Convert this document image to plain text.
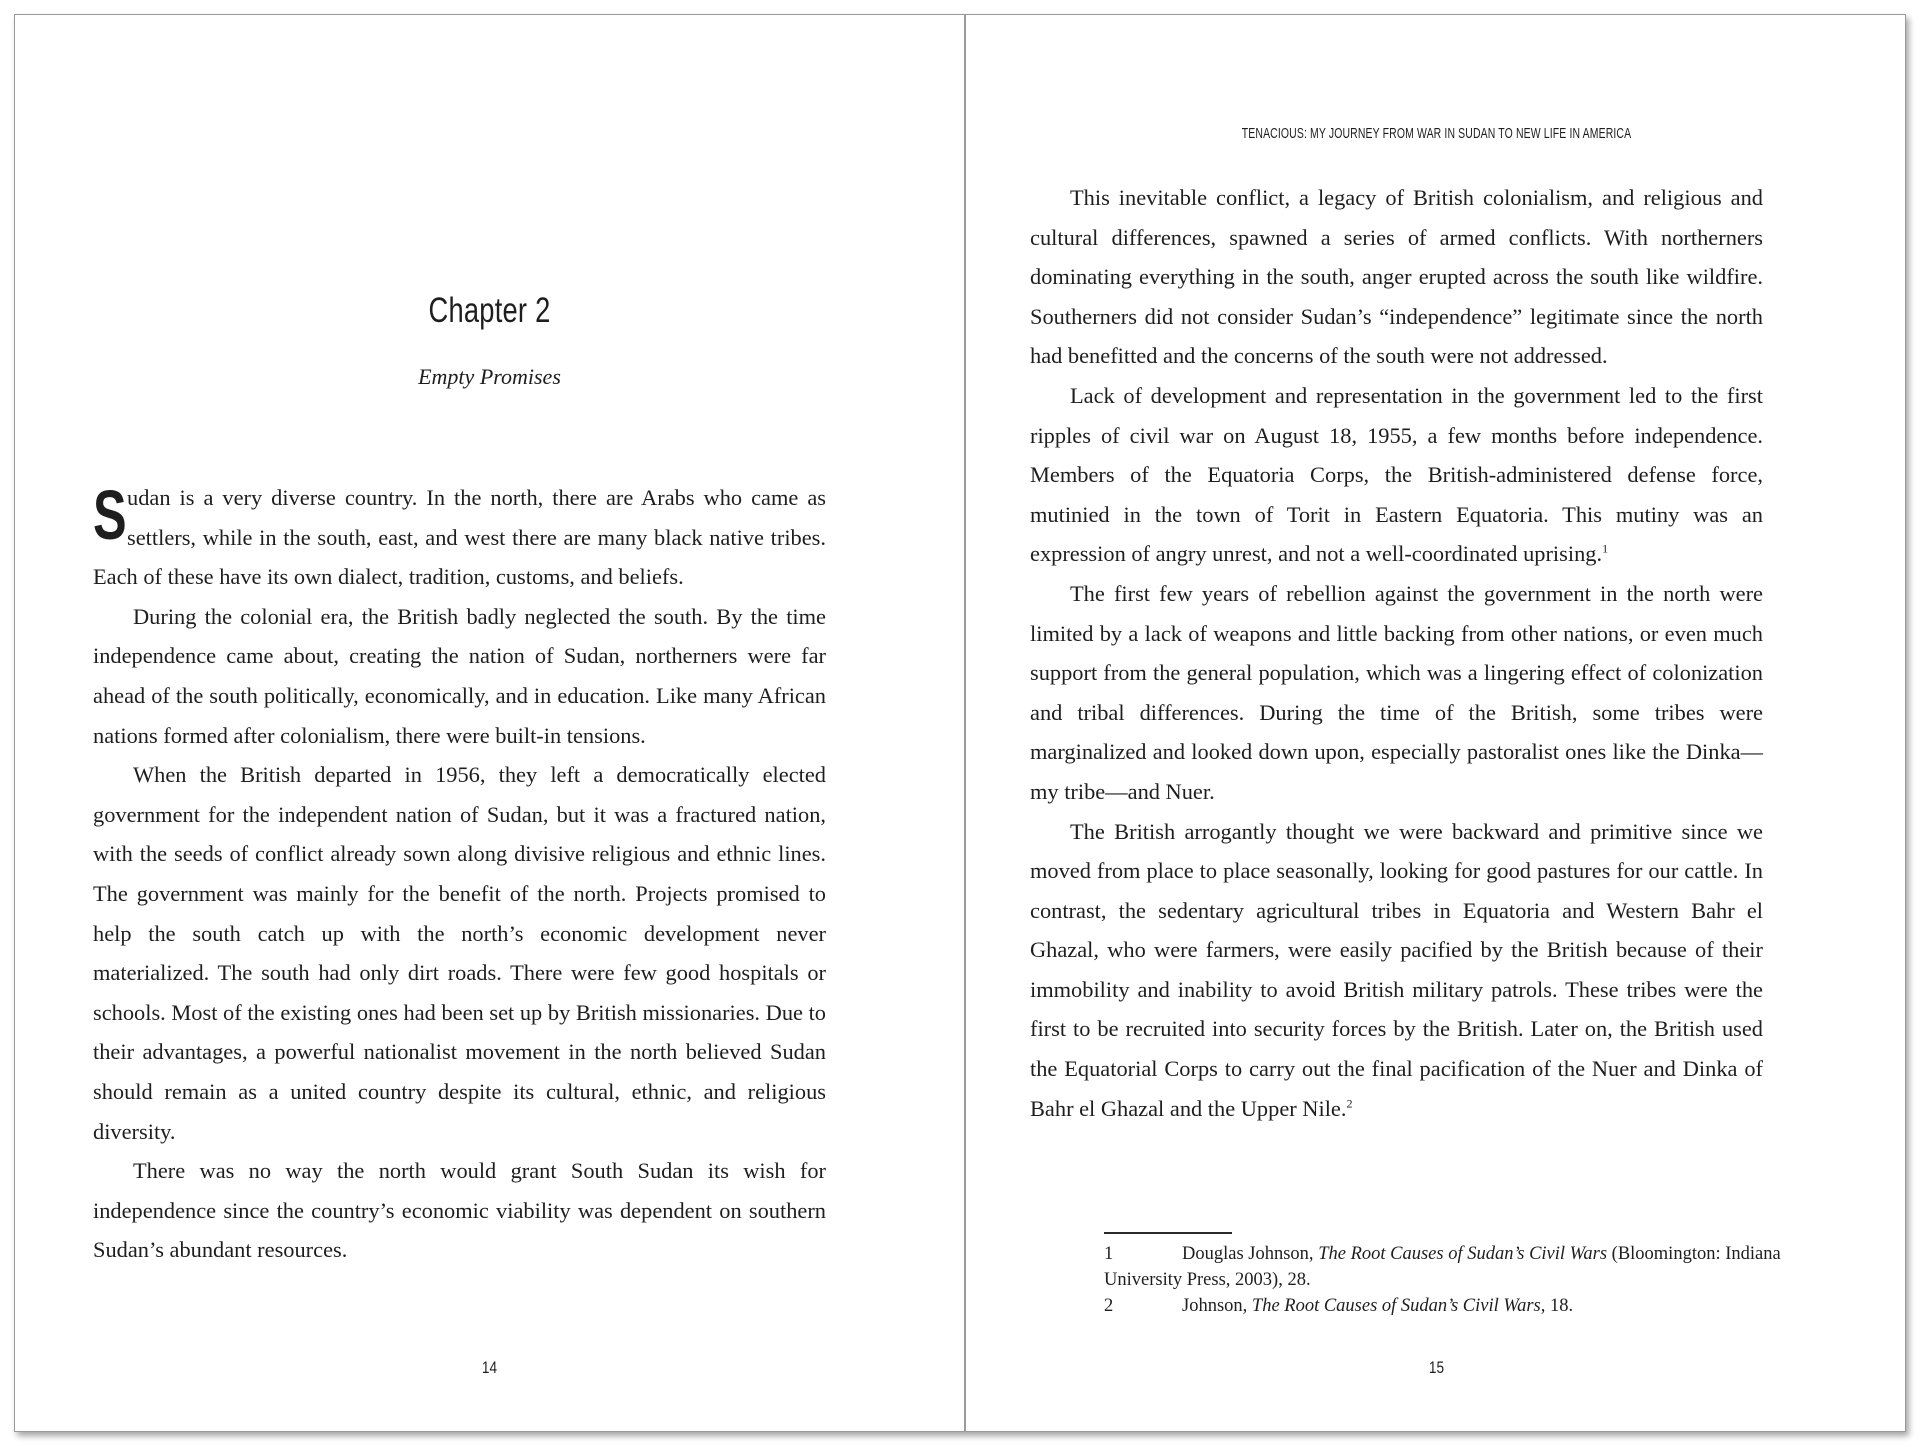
Chapter 2
Empty Promises

Sudan is a very diverse country. In the north, there are Arabs who came as settlers, while in the south, east, and west there are many black native tribes. Each of these have its own dialect, tradition, customs, and beliefs.

During the colonial era, the British badly neglected the south. By the time independence came about, creating the nation of Sudan, northerners were far ahead of the south politically, economically, and in education. Like many African nations formed after colonialism, there were built-in tensions.

When the British departed in 1956, they left a democratically elected government for the independent nation of Sudan, but it was a fractured nation, with the seeds of conflict already sown along divisive religious and ethnic lines. The government was mainly for the benefit of the north. Projects promised to help the south catch up with the north’s economic development never materialized. The south had only dirt roads. There were few good hospitals or schools. Most of the existing ones had been set up by British missionaries. Due to their advantages, a powerful nationalist movement in the north believed Sudan should remain as a united country despite its cultural, ethnic, and religious diversity.

There was no way the north would grant South Sudan its wish for independence since the country’s economic viability was dependent on southern Sudan’s abundant resources.

14
TENACIOUS: MY JOURNEY FROM WAR IN SUDAN TO NEW LIFE IN AMERICA
15

This inevitable conflict, a legacy of British colonialism, and religious and cultural differences, spawned a series of armed conflicts. With northerners dominating everything in the south, anger erupted across the south like wildfire. Southerners did not consider Sudan’s “independence” legitimate since the north had benefitted and the concerns of the south were not addressed.

Lack of development and representation in the government led to the first ripples of civil war on August 18, 1955, a few months before independence. Members of the Equatoria Corps, the British-administered defense force, mutinied in the town of Torit in Eastern Equatoria. This mutiny was an expression of angry unrest, and not a well-coordinated uprising.$^1$

The first few years of rebellion against the government in the north were limited by a lack of weapons and little backing from other nations, or even much support from the general population, which was a lingering effect of colonization and tribal differences. During the time of the British, some tribes were marginalized and looked down upon, especially pastoralist ones like the Dinka—my tribe—and Nuer.

The British arrogantly thought we were backward and primitive since we moved from place to place seasonally, looking for good pastures for our cattle. In contrast, the sedentary agricultural tribes in Equatoria and Western Bahr el Ghazal, who were farmers, were easily pacified by the British because of their immobility and inability to avoid British military patrols. These tribes were the first to be recruited into security forces by the British. Later on, the British used the Equatorial Corps to carry out the final pacification of the Nuer and Dinka of Bahr el Ghazal and the Upper Nile.$^2$

1	Douglas Johnson, The Root Causes of Sudan’s Civil Wars (Bloomington: Indiana University Press, 2003), 28.

2	Johnson, The Root Causes of Sudan’s Civil Wars, 18.
